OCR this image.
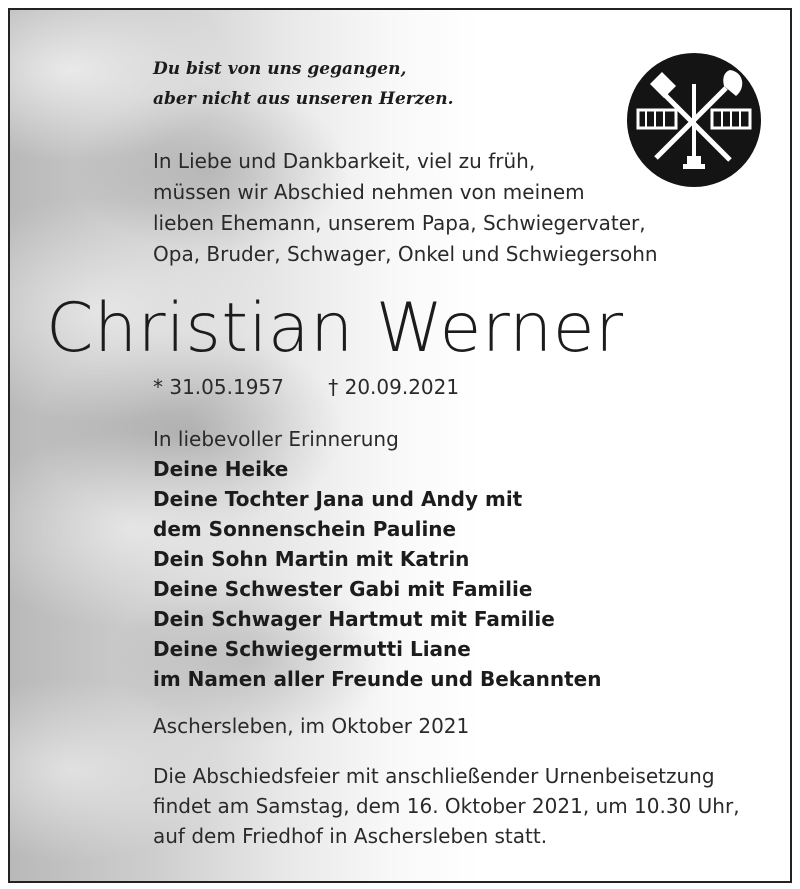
Du bist von uns gegangen,
aber nicht aus unseren Herzen.
In Liebe und Dankbarkeit, viel zu früh,
müssen wir Abschied nehmen von meinem
lieben Ehemann, unserem Papa, Schwiegervater,
Opa, Bruder, Schwager, Onkel und Schwiegersohn
Christian Werner
* 31.05.1957 † 20.09.2021
In liebevoller Erinnerung
Deine Heike
Deine Tochter Jana und Andy mit
dem Sonnenschein Pauline
Dein Sohn Martin mit Katrin
Deine Schwester Gabi mit Familie
Dein Schwager Hartmut mit Familie
Deine Schwiegermutti Liane
im Namen aller Freunde und Bekannten
Aschersleben, im Oktober 2021
Die Abschiedsfeier mit anschließender Urnenbeisetzung
findet am Samstag, dem 16. Oktober 2021, um 10.30 Uhr,
auf dem Friedhof in Aschersleben statt.
